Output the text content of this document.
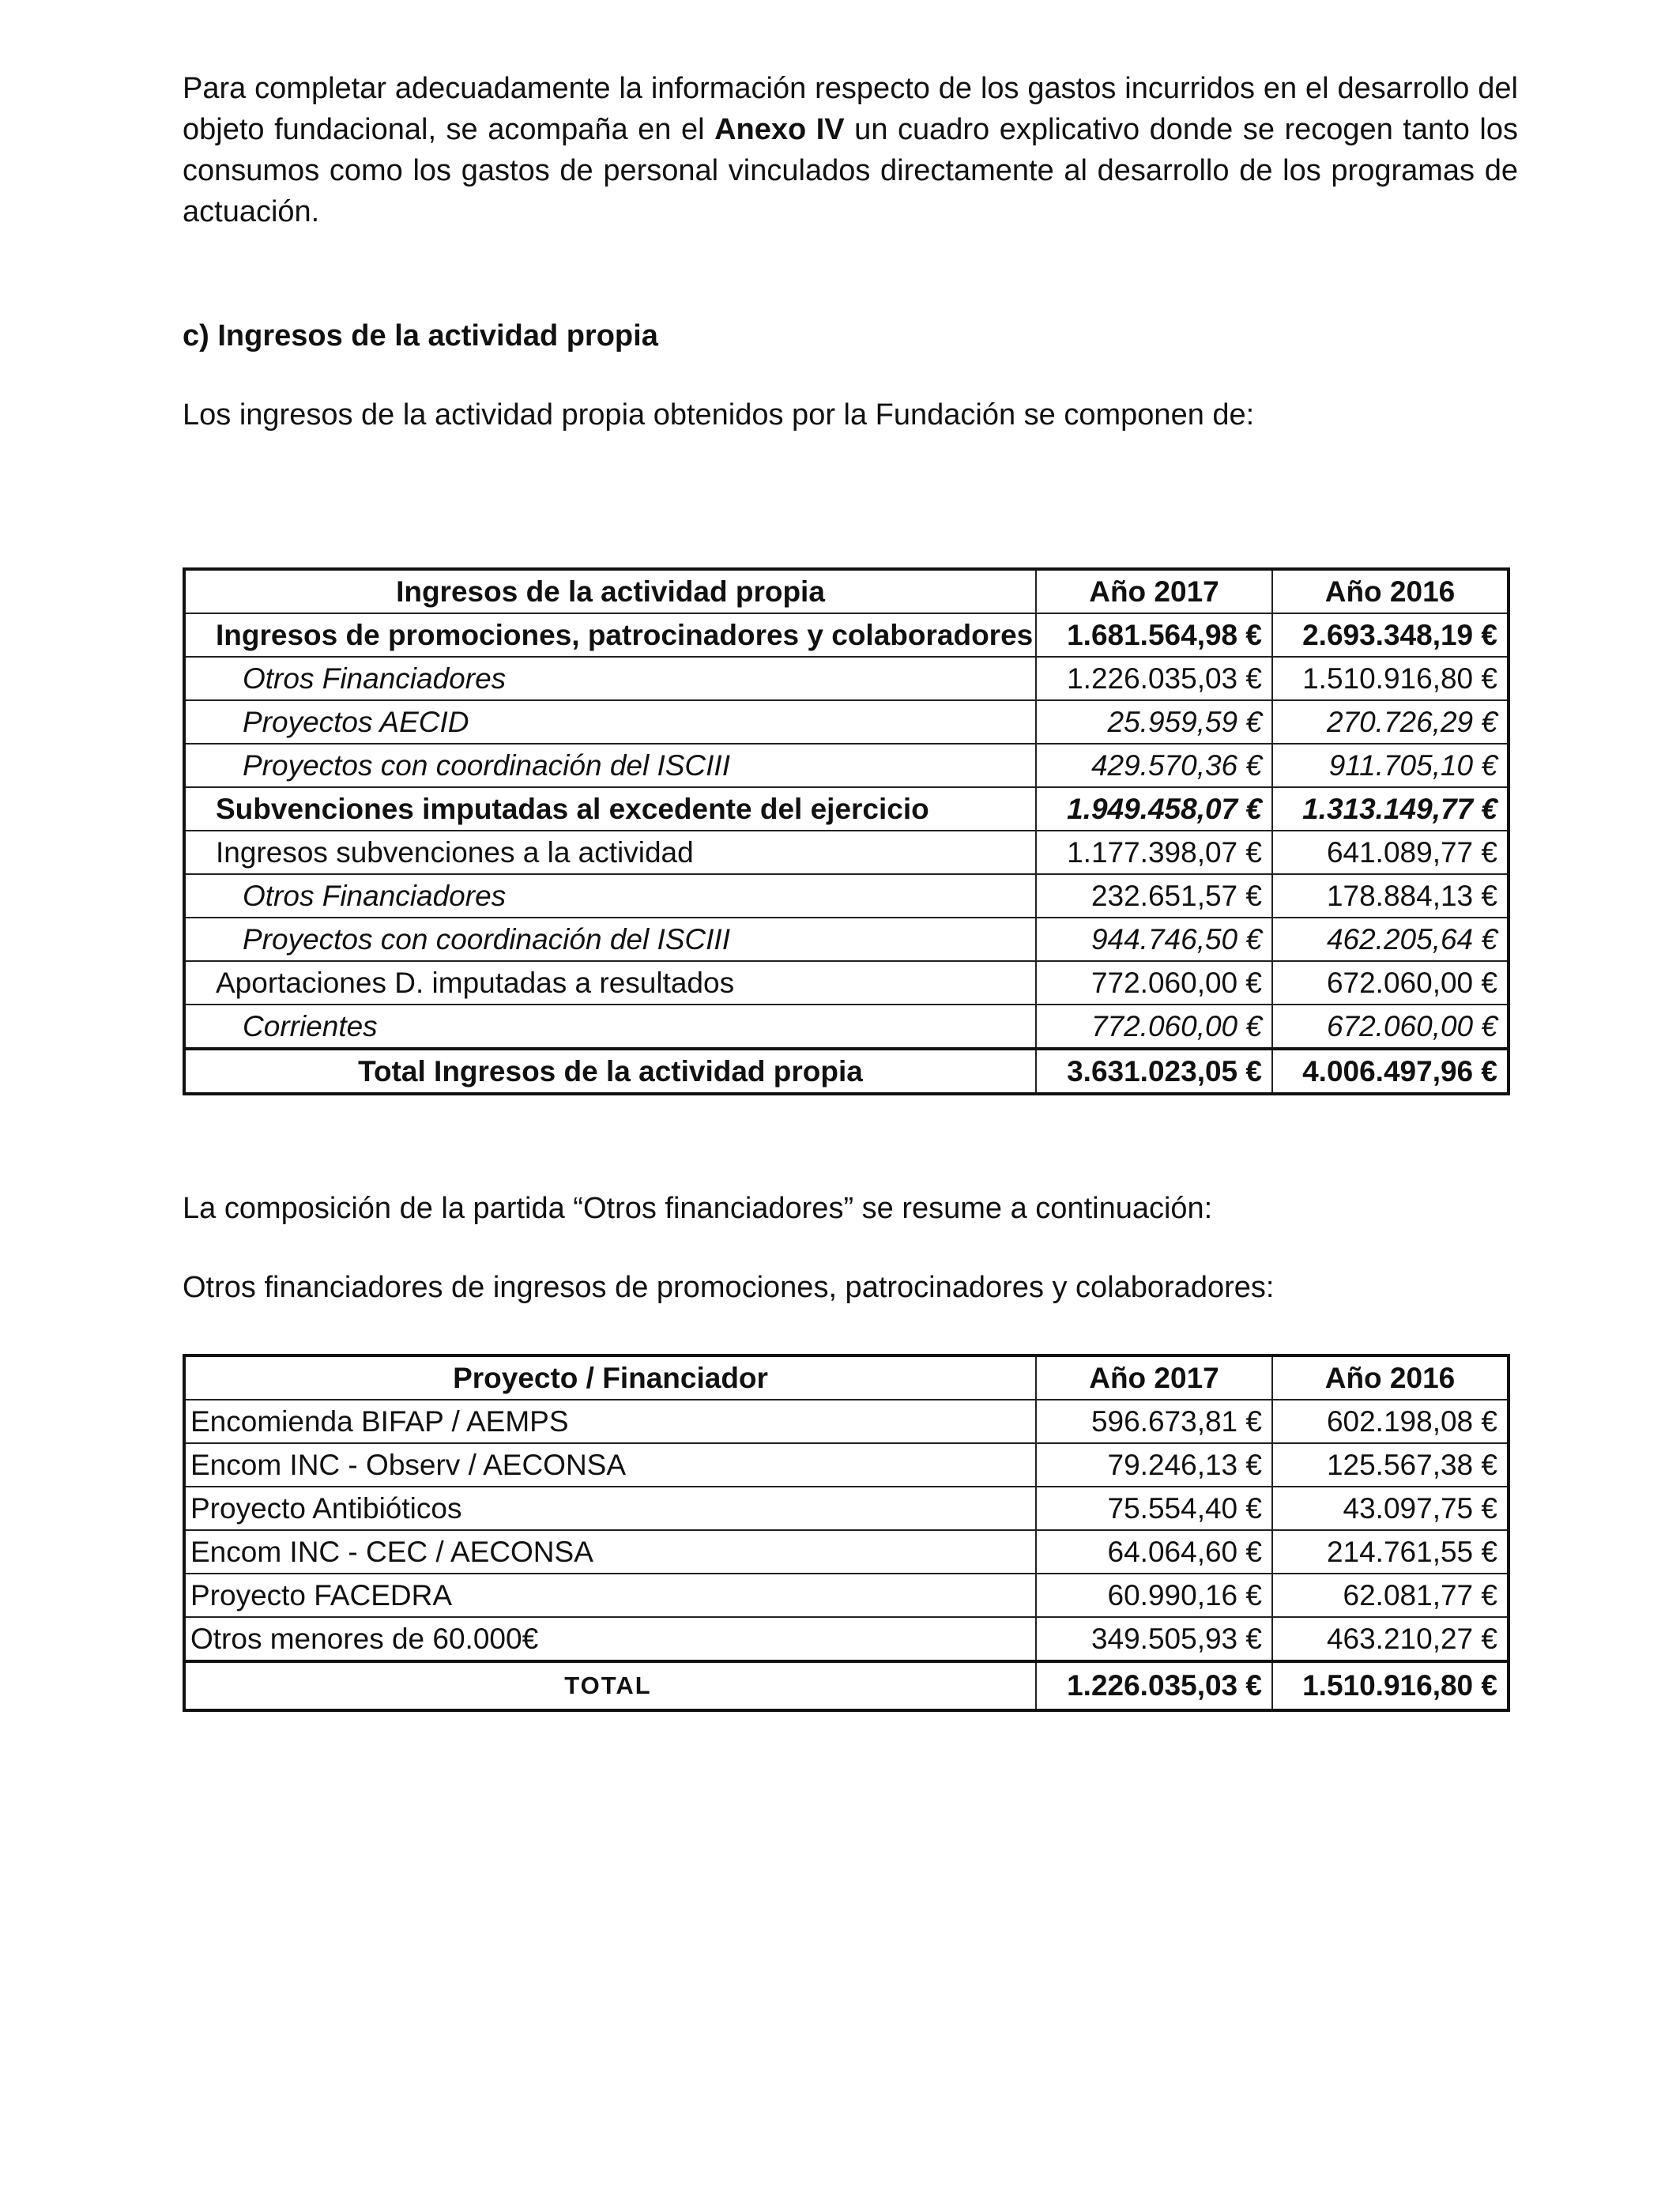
Para completar adecuadamente la información respecto de los gastos incurridos en el desarrollo del objeto fundacional, se acompaña en el Anexo IV un cuadro explicativo donde se recogen tanto los consumos como los gastos de personal vinculados directamente al desarrollo de los programas de actuación.

c) Ingresos de la actividad propia

Los ingresos de la actividad propia obtenidos por la Fundación se componen de:

Ingresos de la actividad propia	Año 2017	Año 2016
Ingresos de promociones, patrocinadores y colaboradores	1.681.564,98 €	2.693.348,19 €
Otros Financiadores	1.226.035,03 €	1.510.916,80 €
Proyectos AECID	25.959,59 €	270.726,29 €
Proyectos con coordinación del ISCIII	429.570,36 €	911.705,10 €
Subvenciones imputadas al excedente del ejercicio	1.949.458,07 €	1.313.149,77 €
Ingresos subvenciones a la actividad	1.177.398,07 €	641.089,77 €
Otros Financiadores	232.651,57 €	178.884,13 €
Proyectos con coordinación del ISCIII	944.746,50 €	462.205,64 €
Aportaciones D. imputadas a resultados	772.060,00 €	672.060,00 €
Corrientes	772.060,00 €	672.060,00 €
Total Ingresos de la actividad propia	3.631.023,05 €	4.006.497,96 €

La composición de la partida “Otros financiadores” se resume a continuación:

Otros financiadores de ingresos de promociones, patrocinadores y colaboradores:

Proyecto / Financiador	Año 2017	Año 2016
Encomienda BIFAP / AEMPS	596.673,81 €	602.198,08 €
Encom INC - Observ / AECONSA	79.246,13 €	125.567,38 €
Proyecto Antibióticos	75.554,40 €	43.097,75 €
Encom INC - CEC / AECONSA	64.064,60 €	214.761,55 €
Proyecto FACEDRA	60.990,16 €	62.081,77 €
Otros menores de 60.000€	349.505,93 €	463.210,27 €
TOTAL	1.226.035,03 €	1.510.916,80 €
